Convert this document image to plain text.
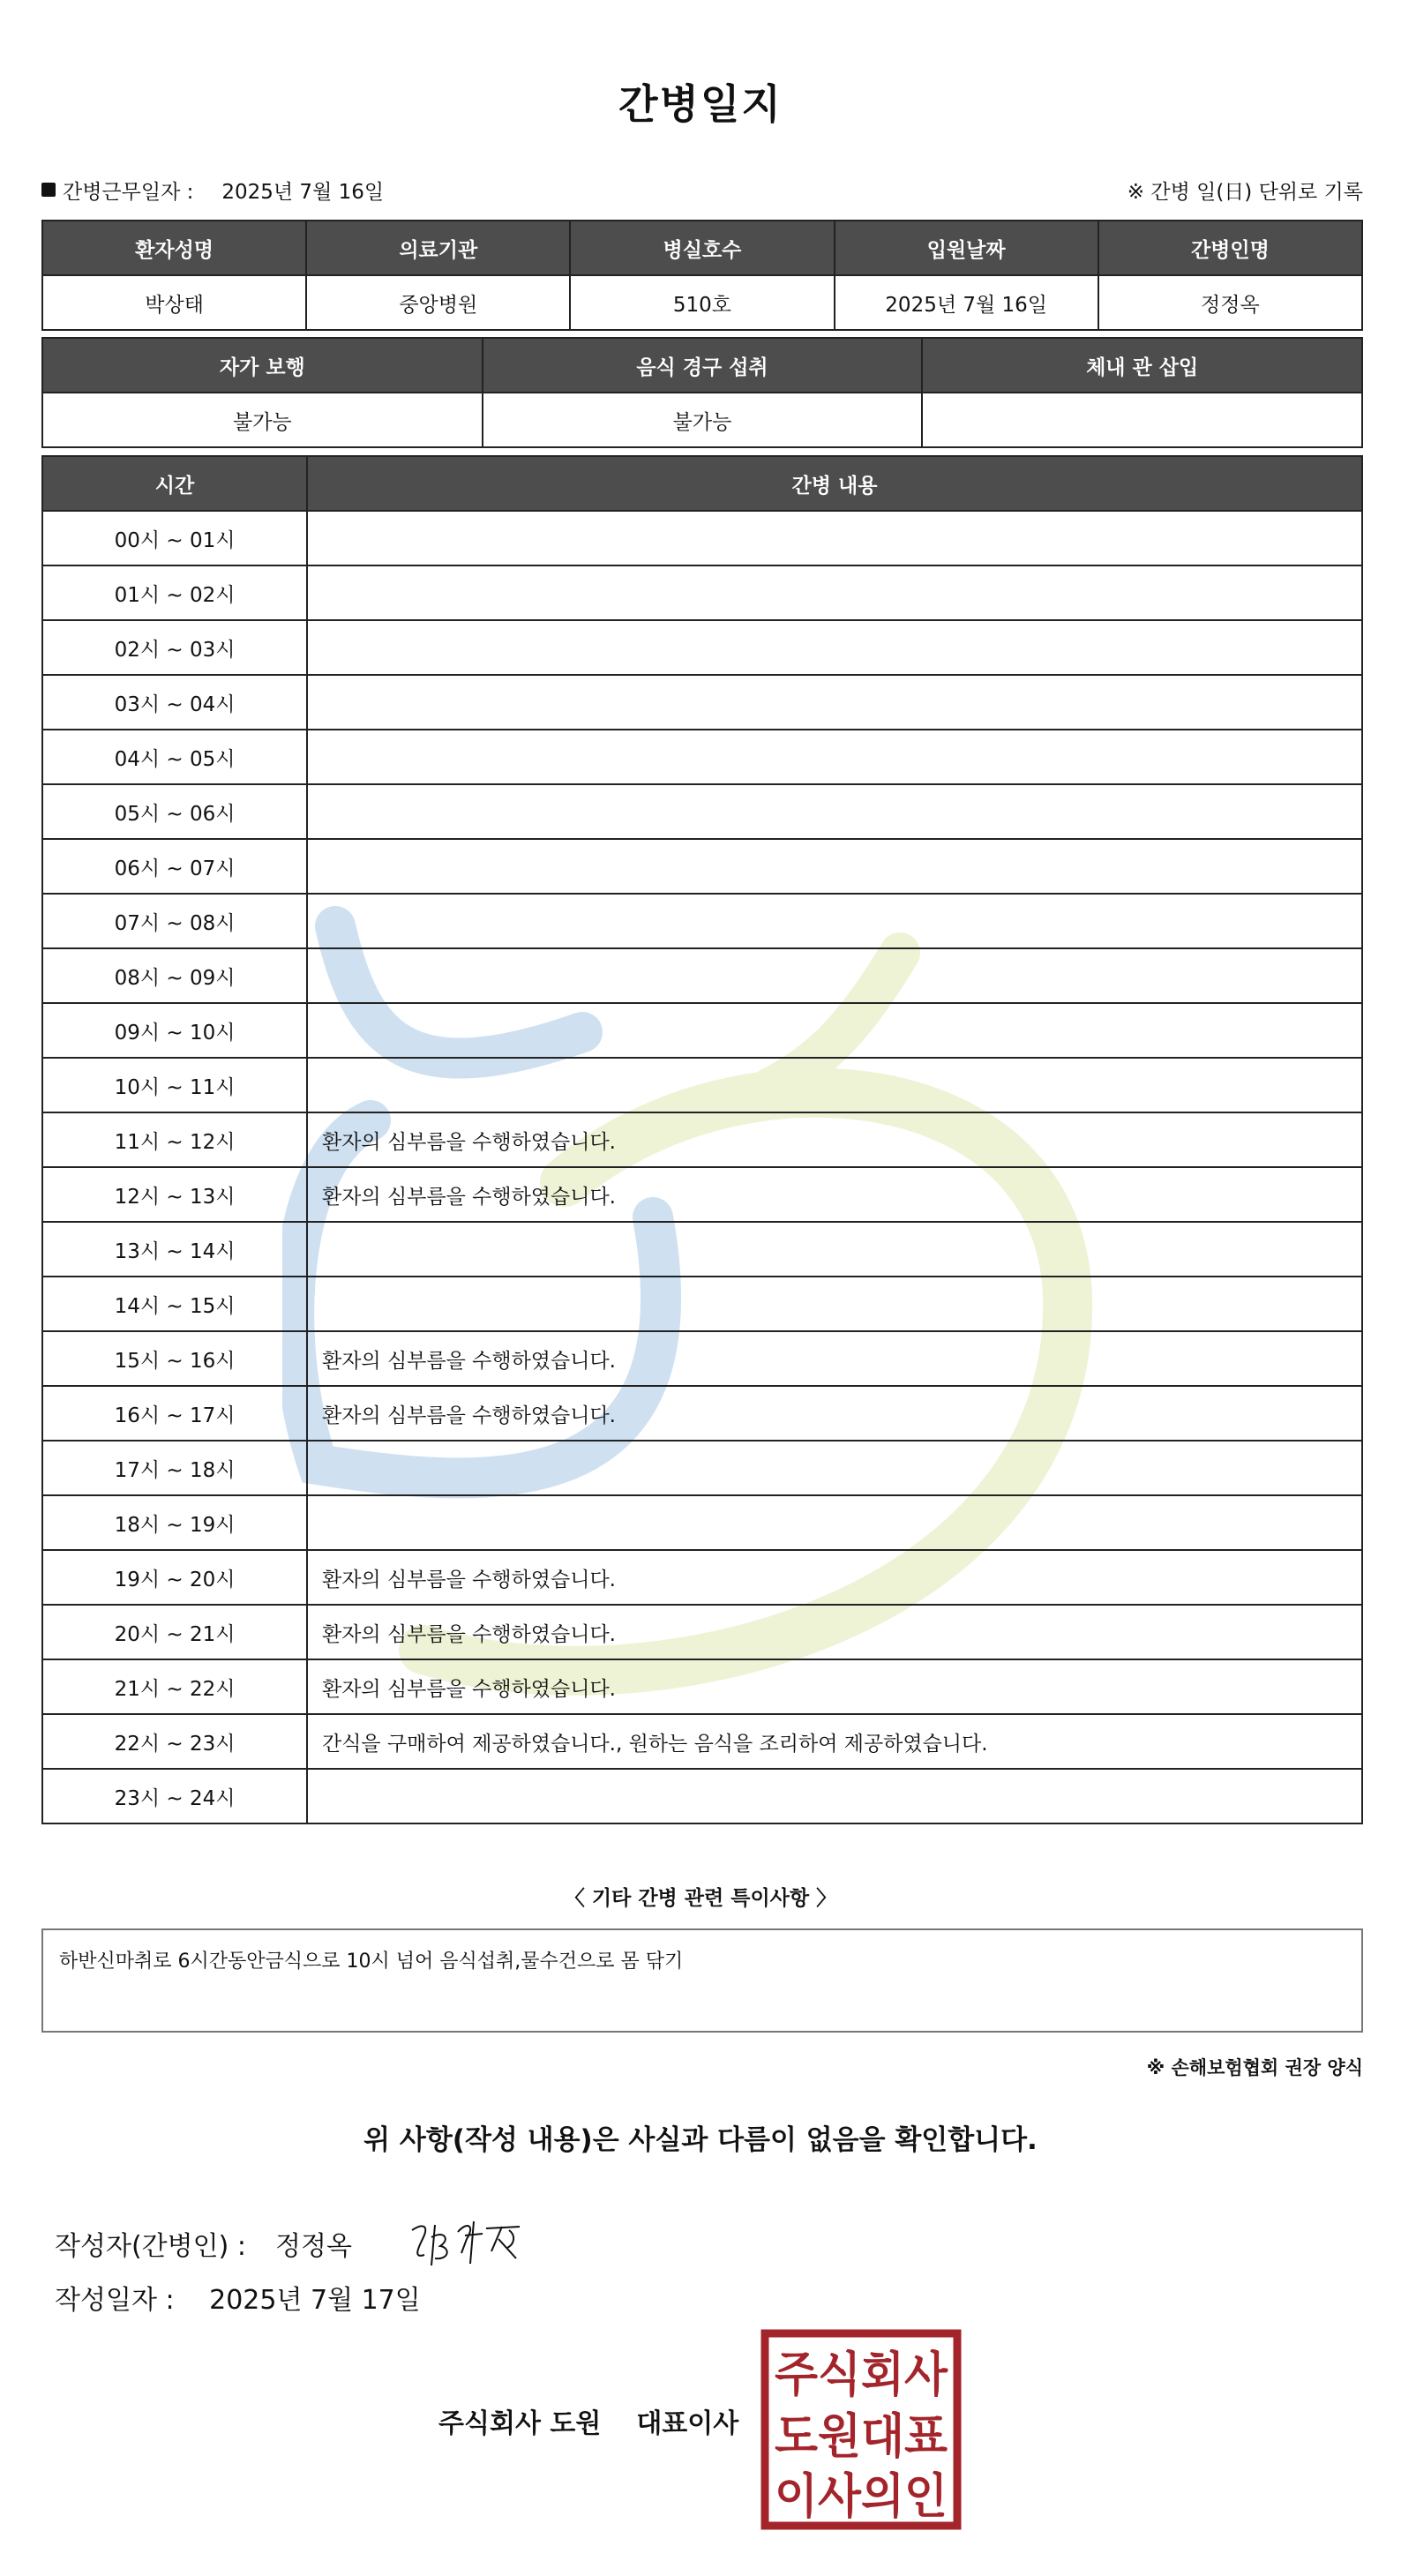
간병일지
간병근무일자 : 2025년 7월 16일	※ 간병 일(日) 단위로 기록
환자성명	의료기관	병실호수	입원날짜	간병인명
박상태	중앙병원	510호	2025년 7월 16일	정정옥
자가 보행	음식 경구 섭취	체내 관 삽입
불가능	불가능	
시간	간병 내용
00시 ~ 01시	
01시 ~ 02시	
02시 ~ 03시	
03시 ~ 04시	
04시 ~ 05시	
05시 ~ 06시	
06시 ~ 07시	
07시 ~ 08시	
08시 ~ 09시	
09시 ~ 10시	
10시 ~ 11시	
11시 ~ 12시	환자의 심부름을 수행하였습니다.
12시 ~ 13시	환자의 심부름을 수행하였습니다.
13시 ~ 14시	
14시 ~ 15시	
15시 ~ 16시	환자의 심부름을 수행하였습니다.
16시 ~ 17시	환자의 심부름을 수행하였습니다.
17시 ~ 18시	
18시 ~ 19시	
19시 ~ 20시	환자의 심부름을 수행하였습니다.
20시 ~ 21시	환자의 심부름을 수행하였습니다.
21시 ~ 22시	환자의 심부름을 수행하였습니다.
22시 ~ 23시	간식을 구매하여 제공하였습니다., 원하는 음식을 조리하여 제공하였습니다.
23시 ~ 24시	
〈 기타 간병 관련 특이사항 〉
하반신마취로 6시간동안금식으로 10시 넘어 음식섭취,물수건으로 몸 닦기
※ 손해보험협회 권장 양식
위 사항(작성 내용)은 사실과 다름이 없음을 확인합니다.
작성자(간병인) :	정정옥
작성일자 : 2025년 7월 17일
주식회사 도원 대표이사
주식회사
도원대표
이사의인
